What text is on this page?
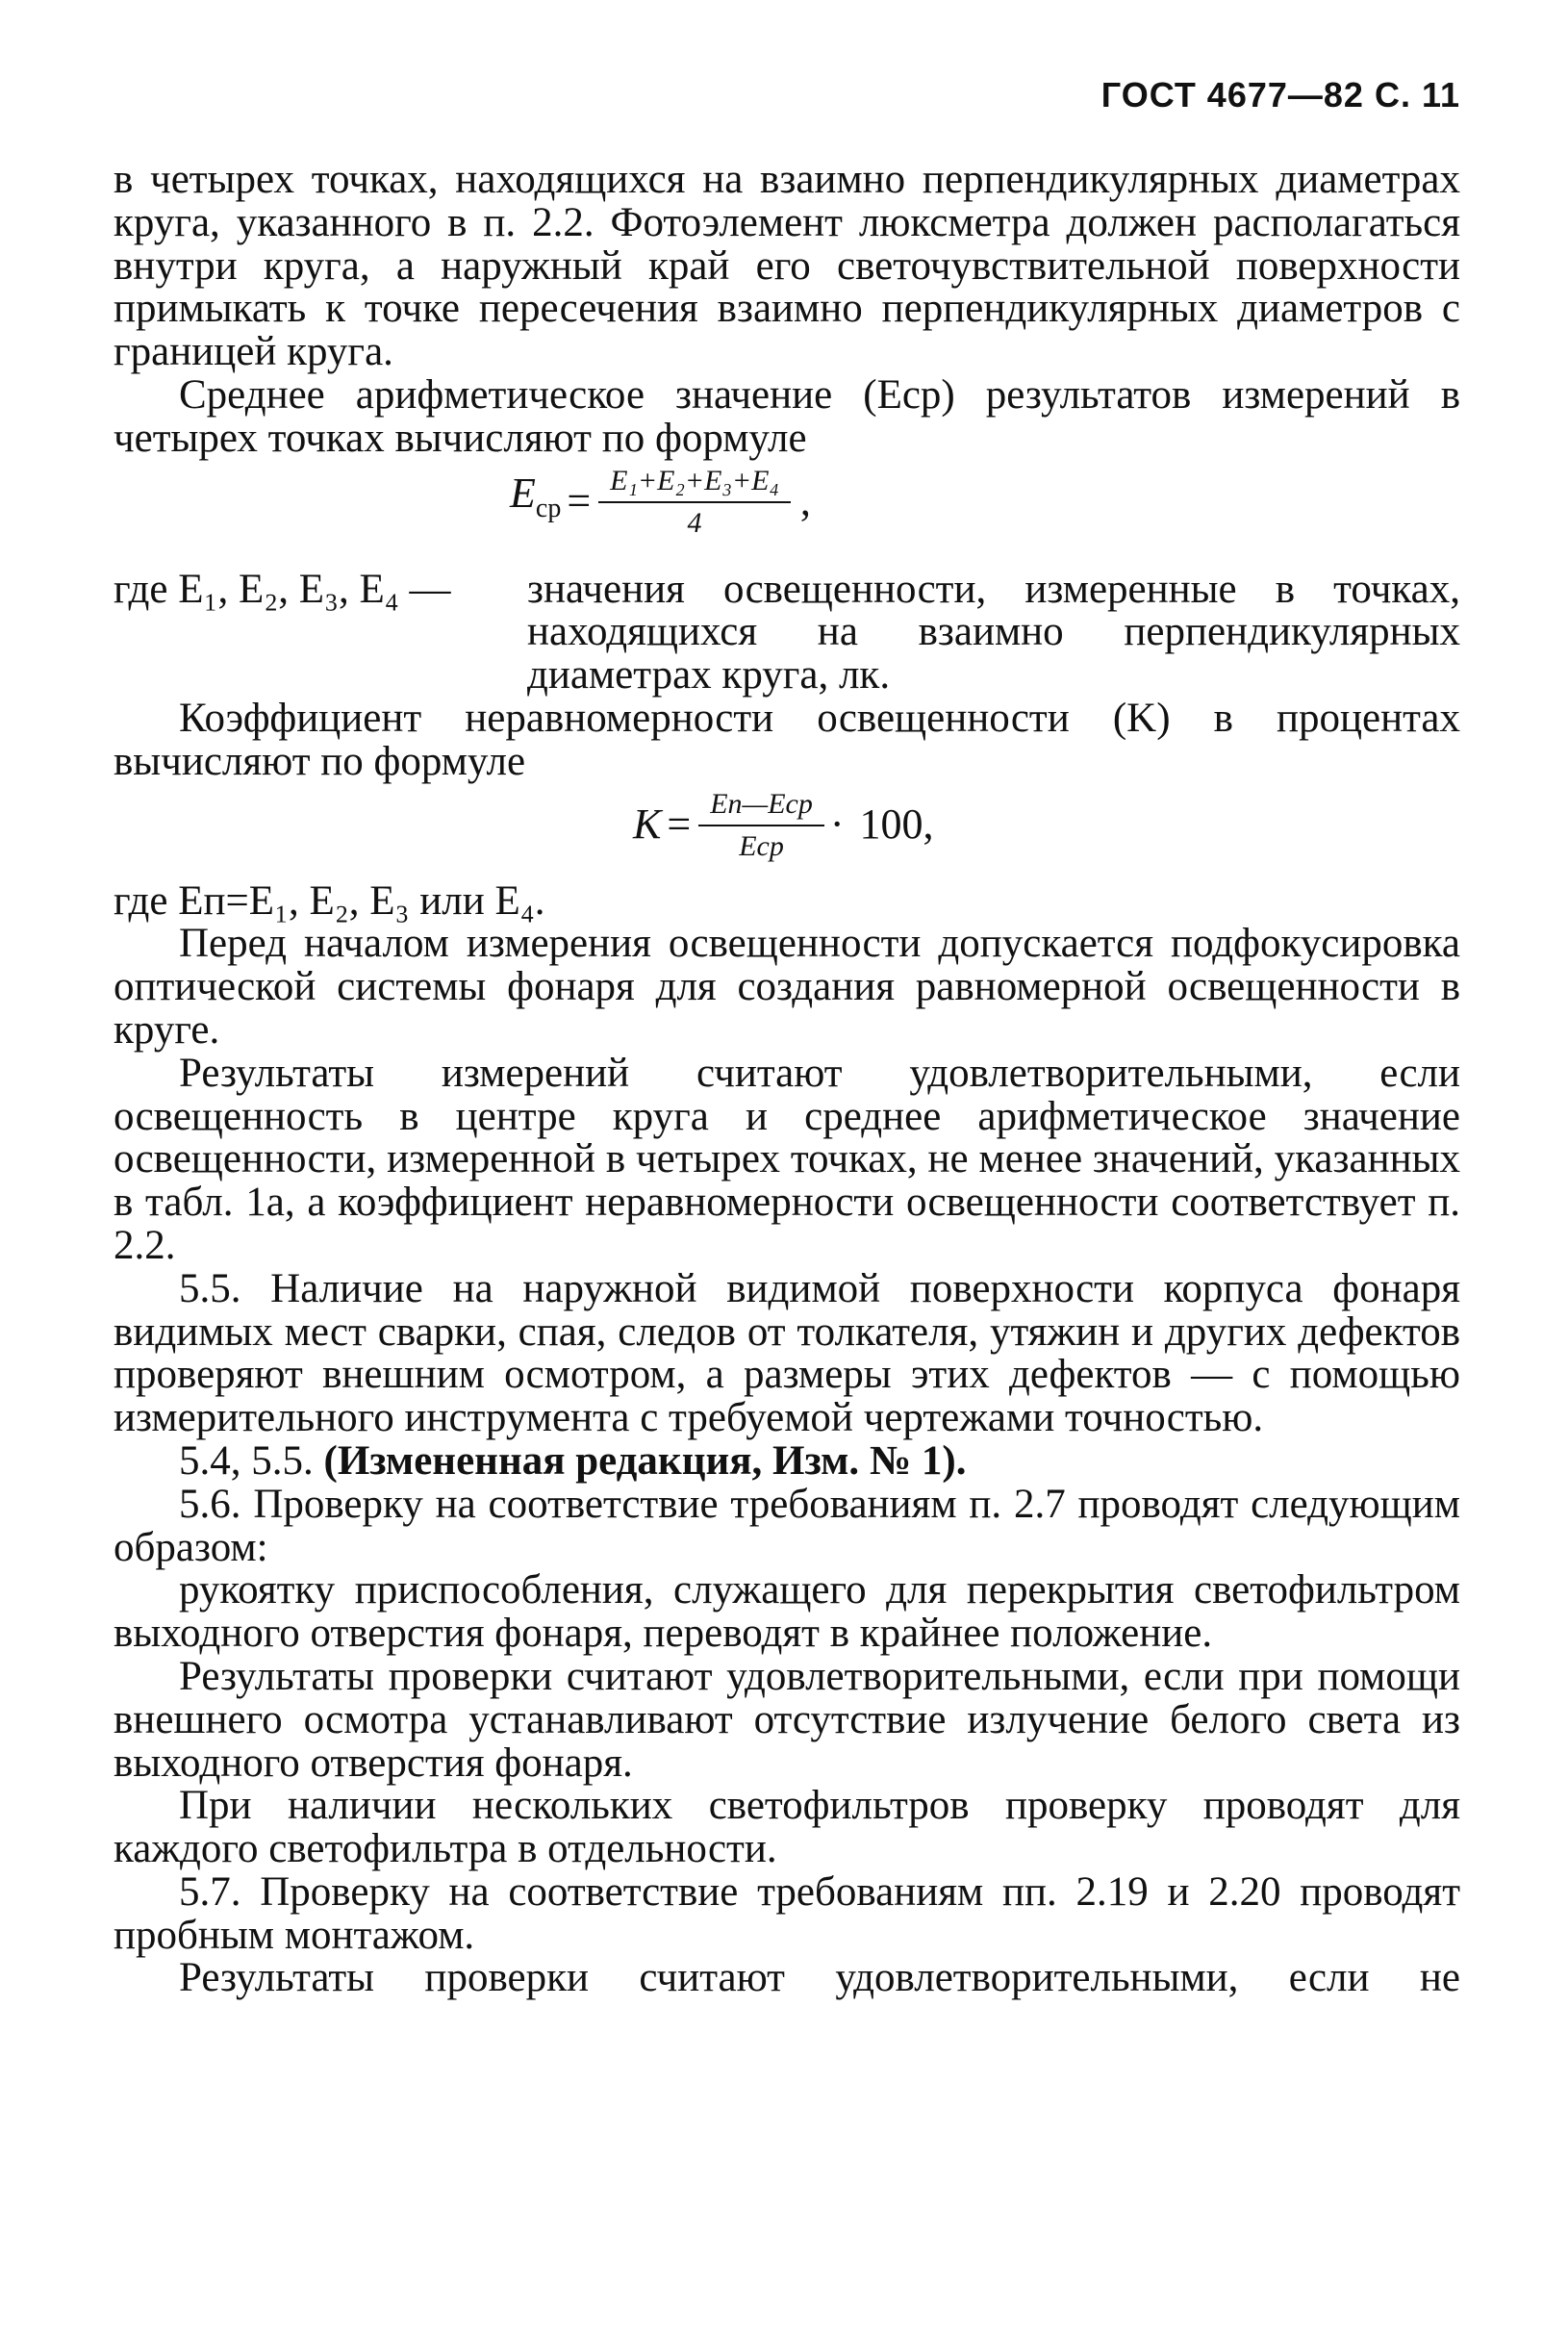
ГОСТ 4677—82 С. 11

в четырех точках, находящихся на взаимно перпендикулярных диаметрах круга, указанного в п. 2.2. Фотоэлемент люксметра должен располагаться внутри круга, а наружный край его светочувствительной поверхности примыкать к точке пересечения взаимно перпендикулярных диаметров с границей круга.

Среднее арифметическое значение (Eср) результатов измерений в четырех точках вычисляют по формуле

$E_{ср} = \frac{\text{E₁+E₂+E₃+E₄}}{4}$ ,
где E₁, E₂, E₃, E₄ —	значения освещенности, измеренные в точках, находящихся на взаимно перпендикулярных диаметрах круга, лк.

Коэффициент неравномерности освещенности (K) в процентах вычисляют по формуле

$K = \frac{\text{Eп—Eср}}{\text{Eср}} \cdot 100$,

где Eп=E₁, E₂, E₃ или E₄.

Перед началом измерения освещенности допускается подфокусировка оптической системы фонаря для создания равномерной освещенности в круге.

Результаты измерений считают удовлетворительными, если освещенность в центре круга и среднее арифметическое значение освещенности, измеренной в четырех точках, не менее значений, указанных в табл. 1а, а коэффициент неравномерности освещенности соответствует п. 2.2.

5.5. Наличие на наружной видимой поверхности корпуса фонаря видимых мест сварки, спая, следов от толкателя, утяжин и других дефектов проверяют внешним осмотром, а размеры этих дефектов — с помощью измерительного инструмента с требуемой чертежами точностью.

5.4, 5.5. (Измененная редакция, Изм. № 1).

5.6. Проверку на соответствие требованиям п. 2.7 проводят следующим образом:

рукоятку приспособления, служащего для перекрытия светофильтром выходного отверстия фонаря, переводят в крайнее положение.

Результаты проверки считают удовлетворительными, если при помощи внешнего осмотра устанавливают отсутствие излучение белого света из выходного отверстия фонаря.

При наличии нескольких светофильтров проверку проводят для каждого светофильтра в отдельности.

5.7. Проверку на соответствие требованиям пп. 2.19 и 2.20 проводят пробным монтажом.

Результаты проверки считают удовлетворительными, если не
